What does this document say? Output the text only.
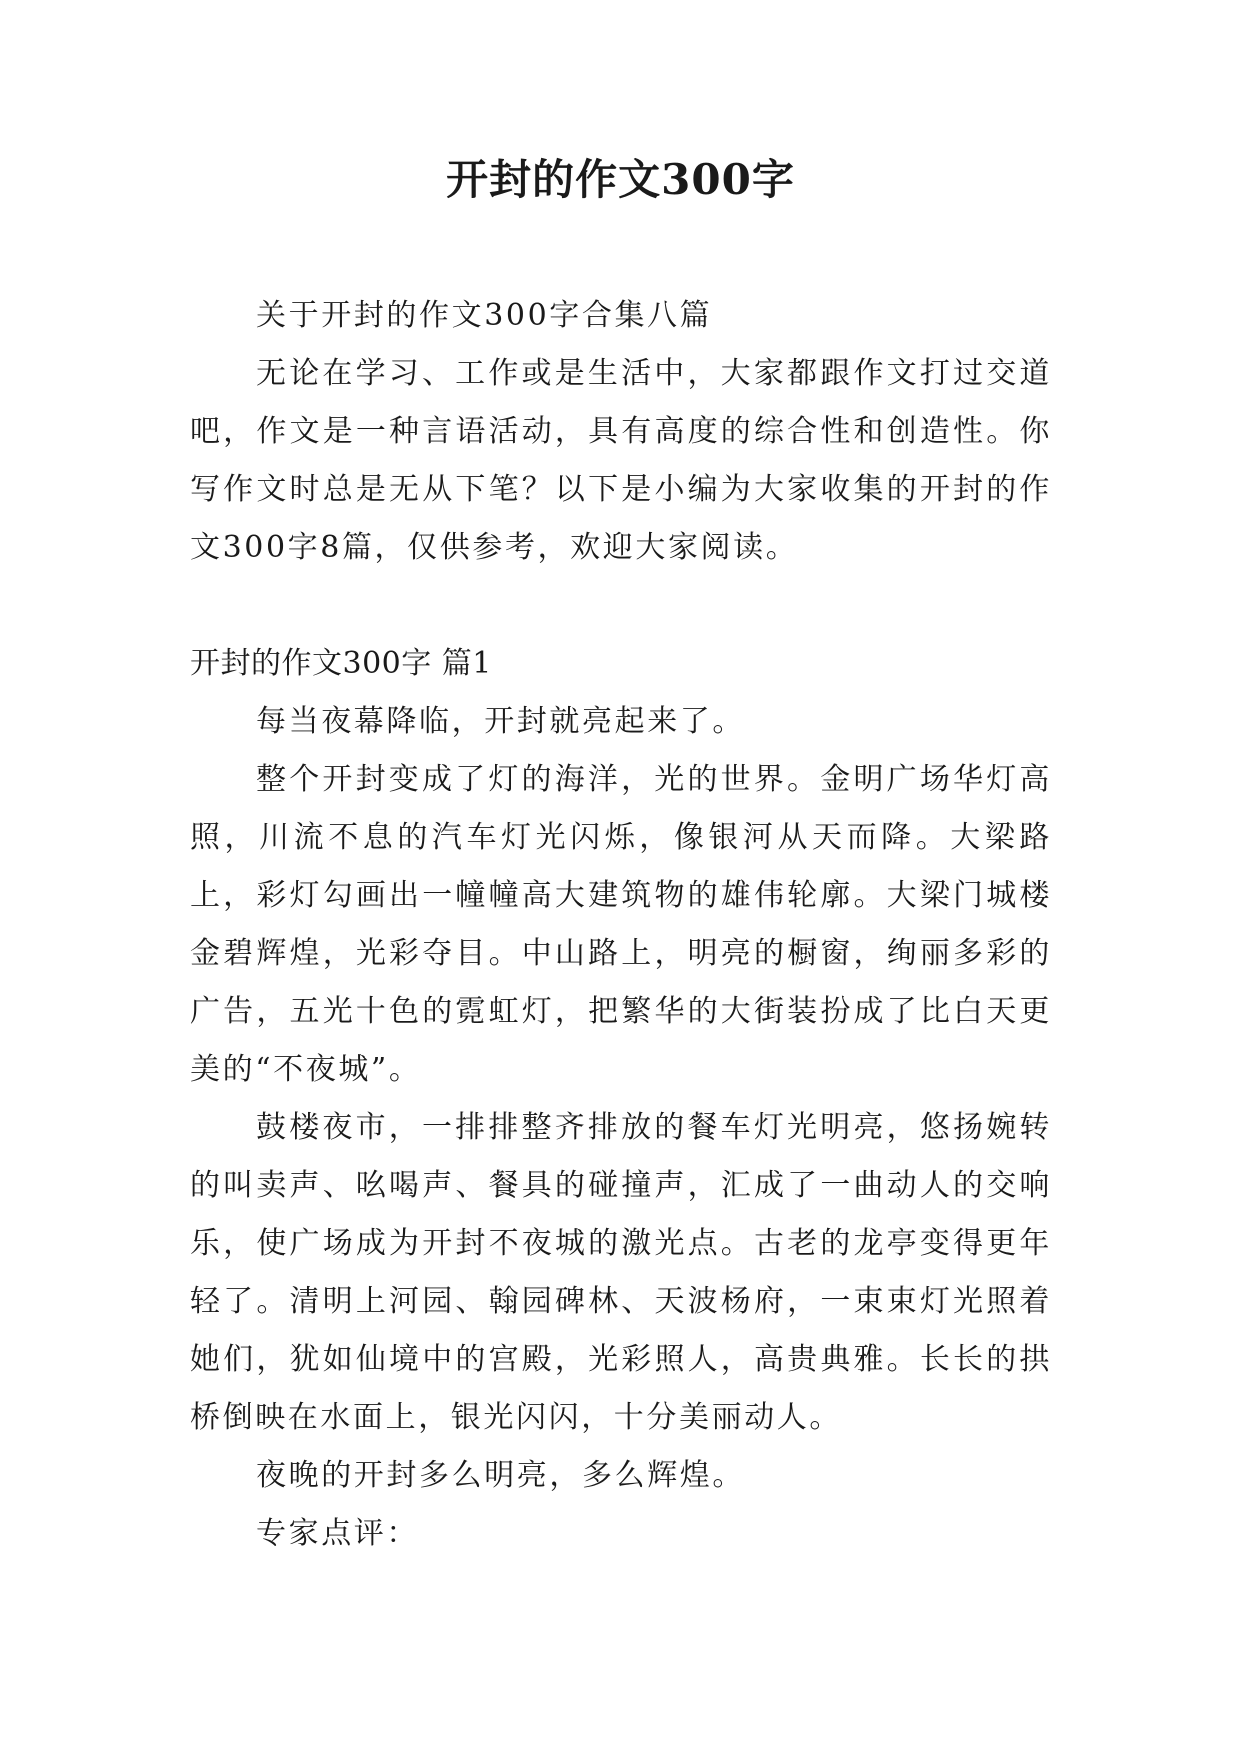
开封的作文300字

关于开封的作文300字合集八篇

无论在学习、工作或是生活中，大家都跟作文打过交道吧，作文是一种言语活动，具有高度的综合性和创造性。你写作文时总是无从下笔？以下是小编为大家收集的开封的作文300字8篇，仅供参考，欢迎大家阅读。

开封的作文300字 篇1

每当夜幕降临，开封就亮起来了。

整个开封变成了灯的海洋，光的世界。金明广场华灯高照，川流不息的汽车灯光闪烁，像银河从天而降。大梁路上，彩灯勾画出一幢幢高大建筑物的雄伟轮廓。大梁门城楼金碧辉煌，光彩夺目。中山路上，明亮的橱窗，绚丽多彩的广告，五光十色的霓虹灯，把繁华的大街装扮成了比白天更美的“不夜城”。

鼓楼夜市，一排排整齐排放的餐车灯光明亮，悠扬婉转的叫卖声、吆喝声、餐具的碰撞声，汇成了一曲动人的交响乐，使广场成为开封不夜城的激光点。古老的龙亭变得更年轻了。清明上河园、翰园碑林、天波杨府，一束束灯光照着她们，犹如仙境中的宫殿，光彩照人，高贵典雅。长长的拱桥倒映在水面上，银光闪闪，十分美丽动人。

夜晚的开封多么明亮，多么辉煌。

专家点评：
